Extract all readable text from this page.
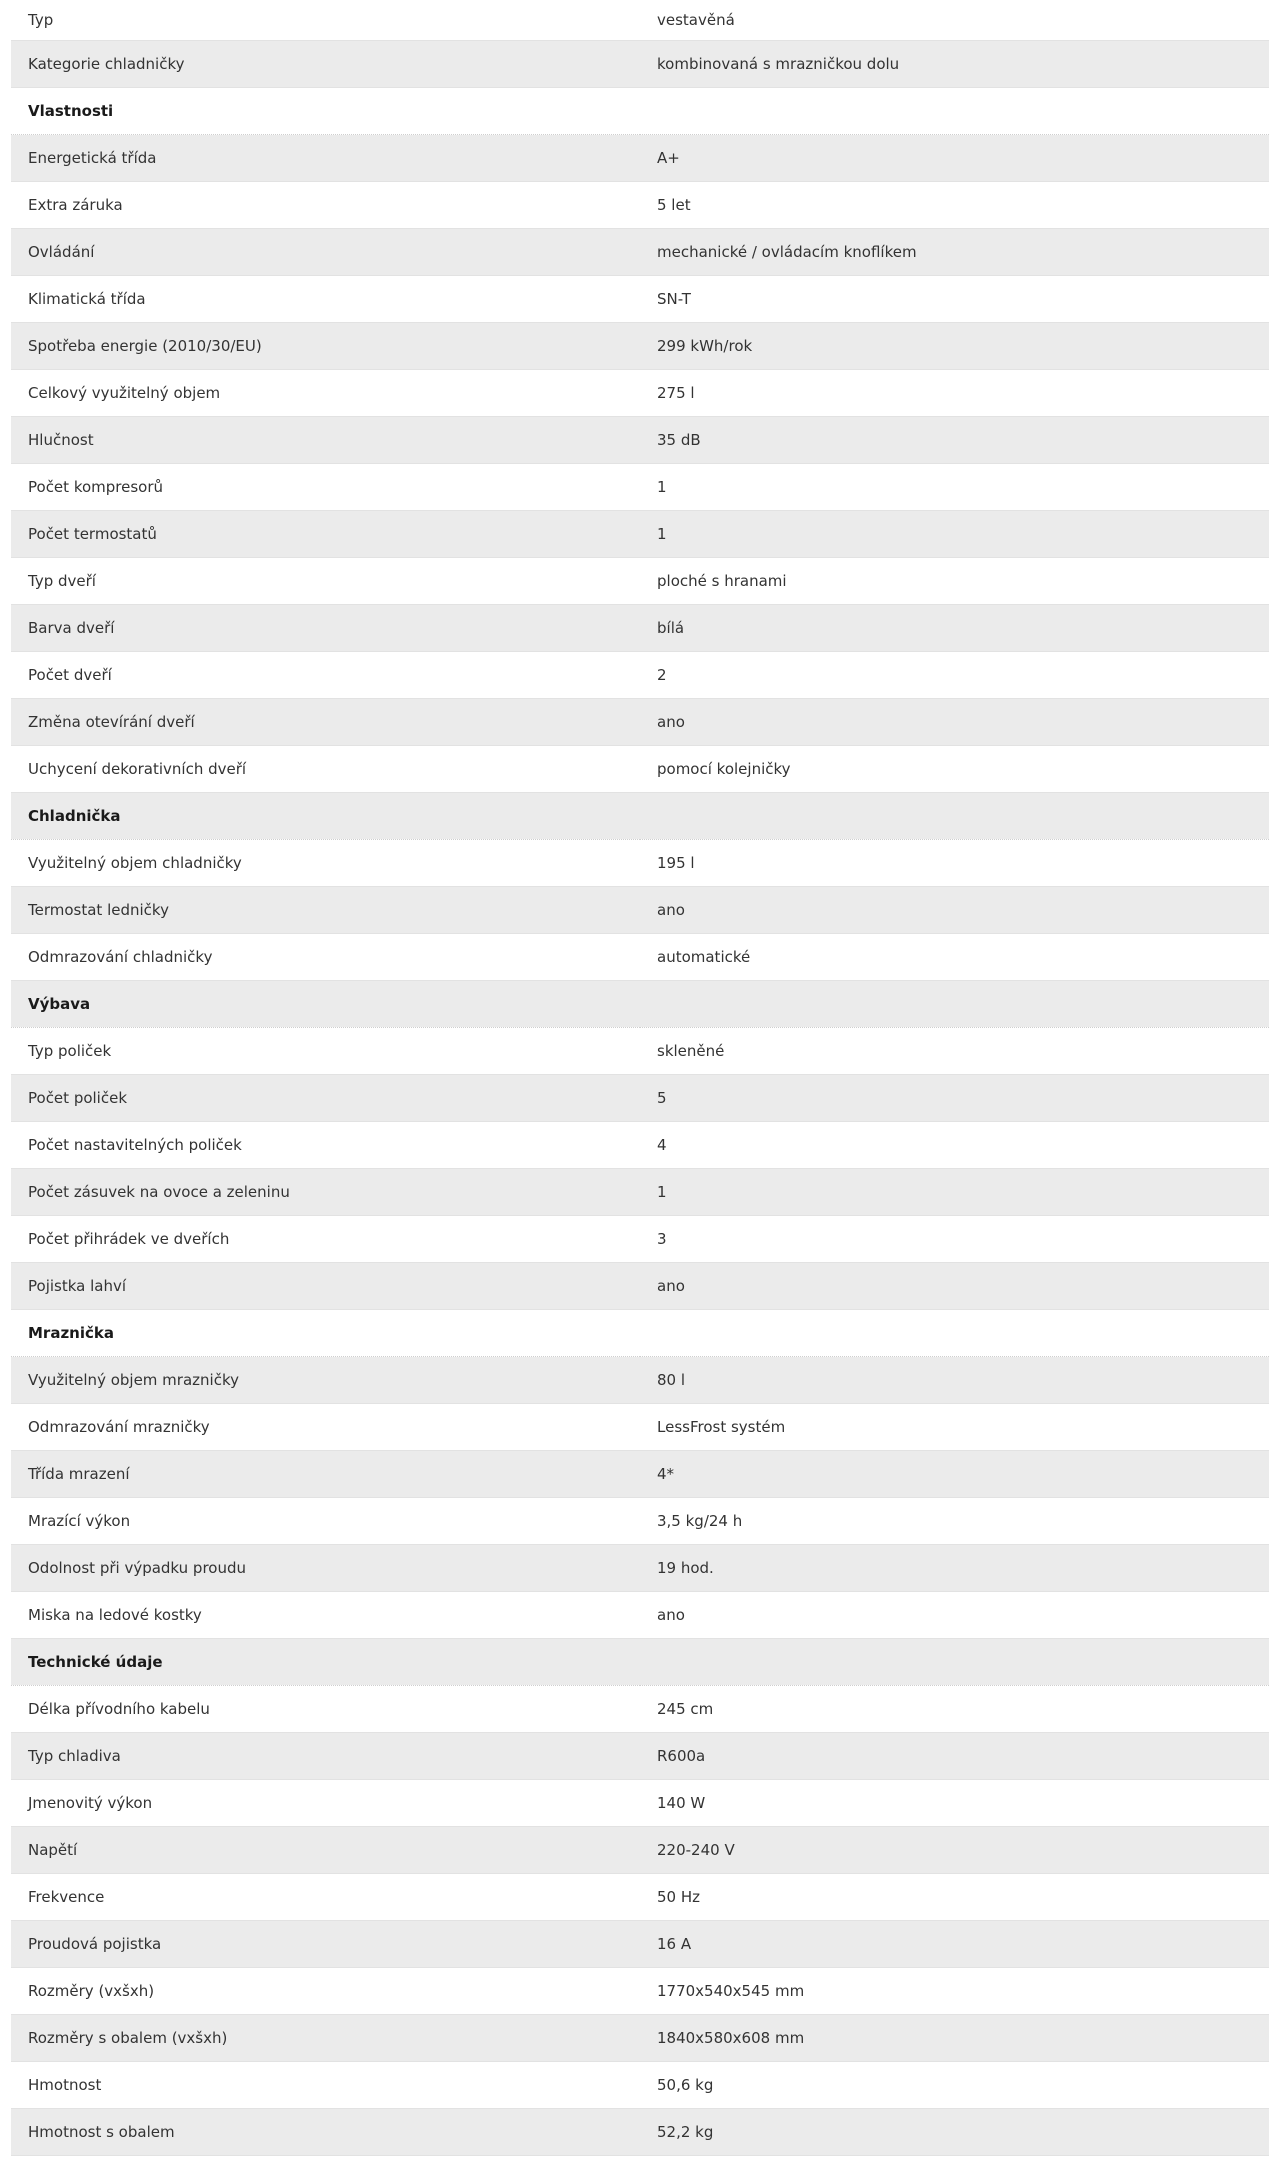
Typ	vestavěná
Kategorie chladničky	kombinovaná s mrazničkou dolu
Vlastnosti	
Energetická třída	A+
Extra záruka	5 let
Ovládání	mechanické / ovládacím knoflíkem
Klimatická třída	SN-T
Spotřeba energie (2010/30/EU)	299 kWh/rok
Celkový využitelný objem	275 l
Hlučnost	35 dB
Počet kompresorů	1
Počet termostatů	1
Typ dveří	ploché s hranami
Barva dveří	bílá
Počet dveří	2
Změna otevírání dveří	ano
Uchycení dekorativních dveří	pomocí kolejničky
Chladnička	
Využitelný objem chladničky	195 l
Termostat ledničky	ano
Odmrazování chladničky	automatické
Výbava	
Typ poliček	skleněné
Počet poliček	5
Počet nastavitelných poliček	4
Počet zásuvek na ovoce a zeleninu	1
Počet přihrádek ve dveřích	3
Pojistka lahví	ano
Mraznička	
Využitelný objem mrazničky	80 l
Odmrazování mrazničky	LessFrost systém
Třída mrazení	4*
Mrazící výkon	3,5 kg/24 h
Odolnost při výpadku proudu	19 hod.
Miska na ledové kostky	ano
Technické údaje	
Délka přívodního kabelu	245 cm
Typ chladiva	R600a
Jmenovitý výkon	140 W
Napětí	220-240 V
Frekvence	50 Hz
Proudová pojistka	16 A
Rozměry (vxšxh)	1770x540x545 mm
Rozměry s obalem (vxšxh)	1840x580x608 mm
Hmotnost	50,6 kg
Hmotnost s obalem	52,2 kg
